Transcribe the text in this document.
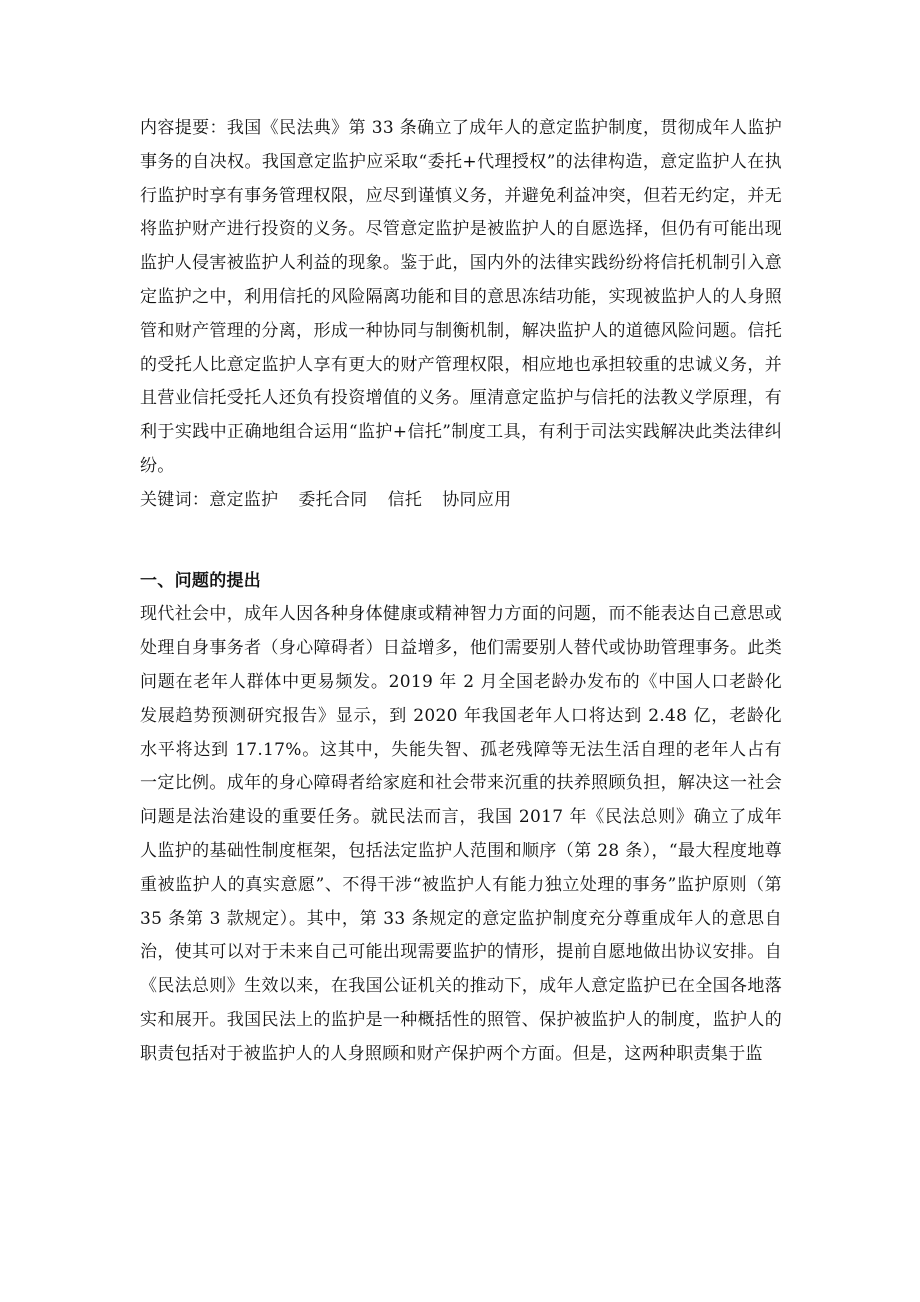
内容提要：我国《民法典》第 33 条确立了成年人的意定监护制度，贯彻成年人监护事务的自决权。我国意定监护应采取“委托+代理授权”的法律构造，意定监护人在执行监护时享有事务管理权限，应尽到谨慎义务，并避免利益冲突，但若无约定，并无将监护财产进行投资的义务。尽管意定监护是被监护人的自愿选择，但仍有可能出现监护人侵害被监护人利益的现象。鉴于此，国内外的法律实践纷纷将信托机制引入意定监护之中，利用信托的风险隔离功能和目的意思冻结功能，实现被监护人的人身照管和财产管理的分离，形成一种协同与制衡机制，解决监护人的道德风险问题。信托的受托人比意定监护人享有更大的财产管理权限，相应地也承担较重的忠诚义务，并且营业信托受托人还负有投资增值的义务。厘清意定监护与信托的法教义学原理，有利于实践中正确地组合运用“监护+信托”制度工具，有利于司法实践解决此类法律纠纷。

关键词：意定监护 委托合同 信托 协同应用

一、问题的提出

现代社会中，成年人因各种身体健康或精神智力方面的问题，而不能表达自己意思或处理自身事务者（身心障碍者）日益增多，他们需要别人替代或协助管理事务。此类问题在老年人群体中更易频发。2019 年 2 月全国老龄办发布的《中国人口老龄化发展趋势预测研究报告》显示，到 2020 年我国老年人口将达到 2.48 亿，老龄化水平将达到 17.17%。这其中，失能失智、孤老残障等无法生活自理的老年人占有一定比例。成年的身心障碍者给家庭和社会带来沉重的扶养照顾负担，解决这一社会问题是法治建设的重要任务。就民法而言，我国 2017 年《民法总则》确立了成年人监护的基础性制度框架，包括法定监护人范围和顺序（第 28 条），“最大程度地尊重被监护人的真实意愿”、不得干涉“被监护人有能力独立处理的事务”监护原则（第 35 条第 3 款规定）。其中，第 33 条规定的意定监护制度充分尊重成年人的意思自治，使其可以对于未来自己可能出现需要监护的情形，提前自愿地做出协议安排。自《民法总则》生效以来，在我国公证机关的推动下，成年人意定监护已在全国各地落实和展开。我国民法上的监护是一种概括性的照管、保护被监护人的制度，监护人的职责包括对于被监护人的人身照顾和财产保护两个方面。但是，这两种职责集于监
